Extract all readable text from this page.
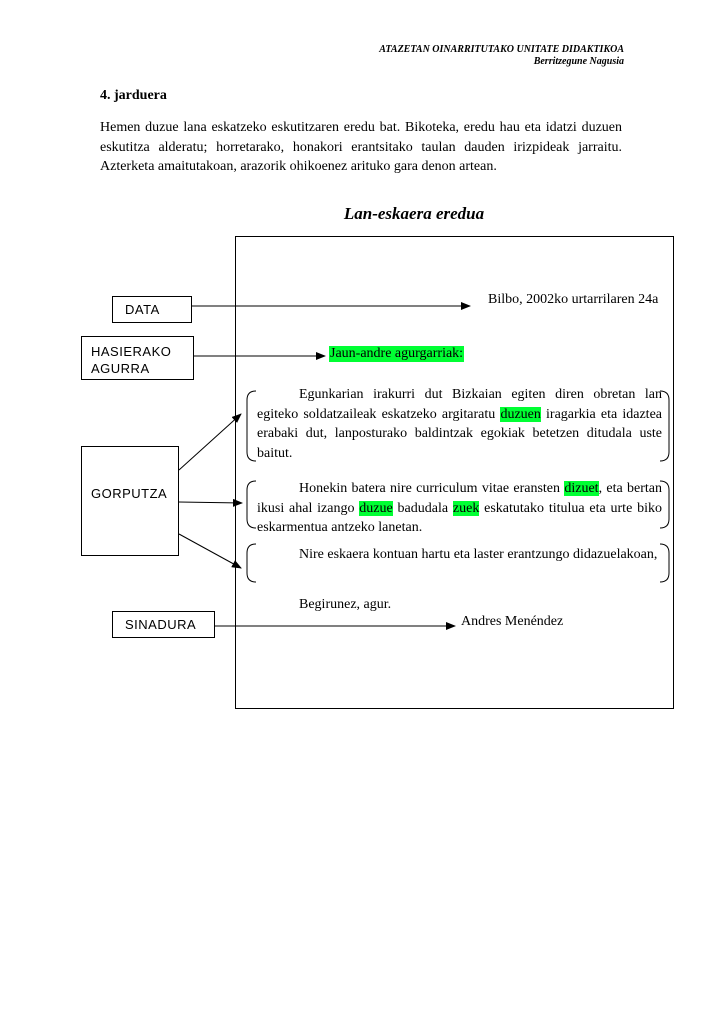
ATAZETAN OINARRITUTAKO UNITATE DIDAKTIKOA
Berritzegune Nagusia
4. jarduera
Hemen duzue lana eskatzeko eskutitzaren eredu bat. Bikoteka, eredu hau eta idatzi duzuen eskutitza alderatu; horretarako, honakori erantsitako taulan dauden irizpideak jarraitu. Azterketa amaitutakoan, arazorik ohikoenez arituko gara denon artean.
Lan-eskaera eredua
DATA
HASIERAKO
AGURRA
GORPUTZA
SINADURA
Bilbo, 2002ko urtarrilaren 24a
Jaun-andre agurgarriak:
Egunkarian irakurri dut Bizkaian egiten diren obretan lan egiteko soldatzaileak eskatzeko argitaratu duzuen iragarkia eta idaztea erabaki dut, lanposturako baldintzak egokiak betetzen ditudala uste baitut.
Honekin batera nire curriculum vitae eransten dizuet, eta bertan ikusi ahal izango duzue badudala zuek eskatutako titulua eta urte biko eskarmentua antzeko lanetan.
Nire eskaera kontuan hartu eta laster erantzungo didazuelakoan,
Begirunez, agur.
Andres Menéndez
